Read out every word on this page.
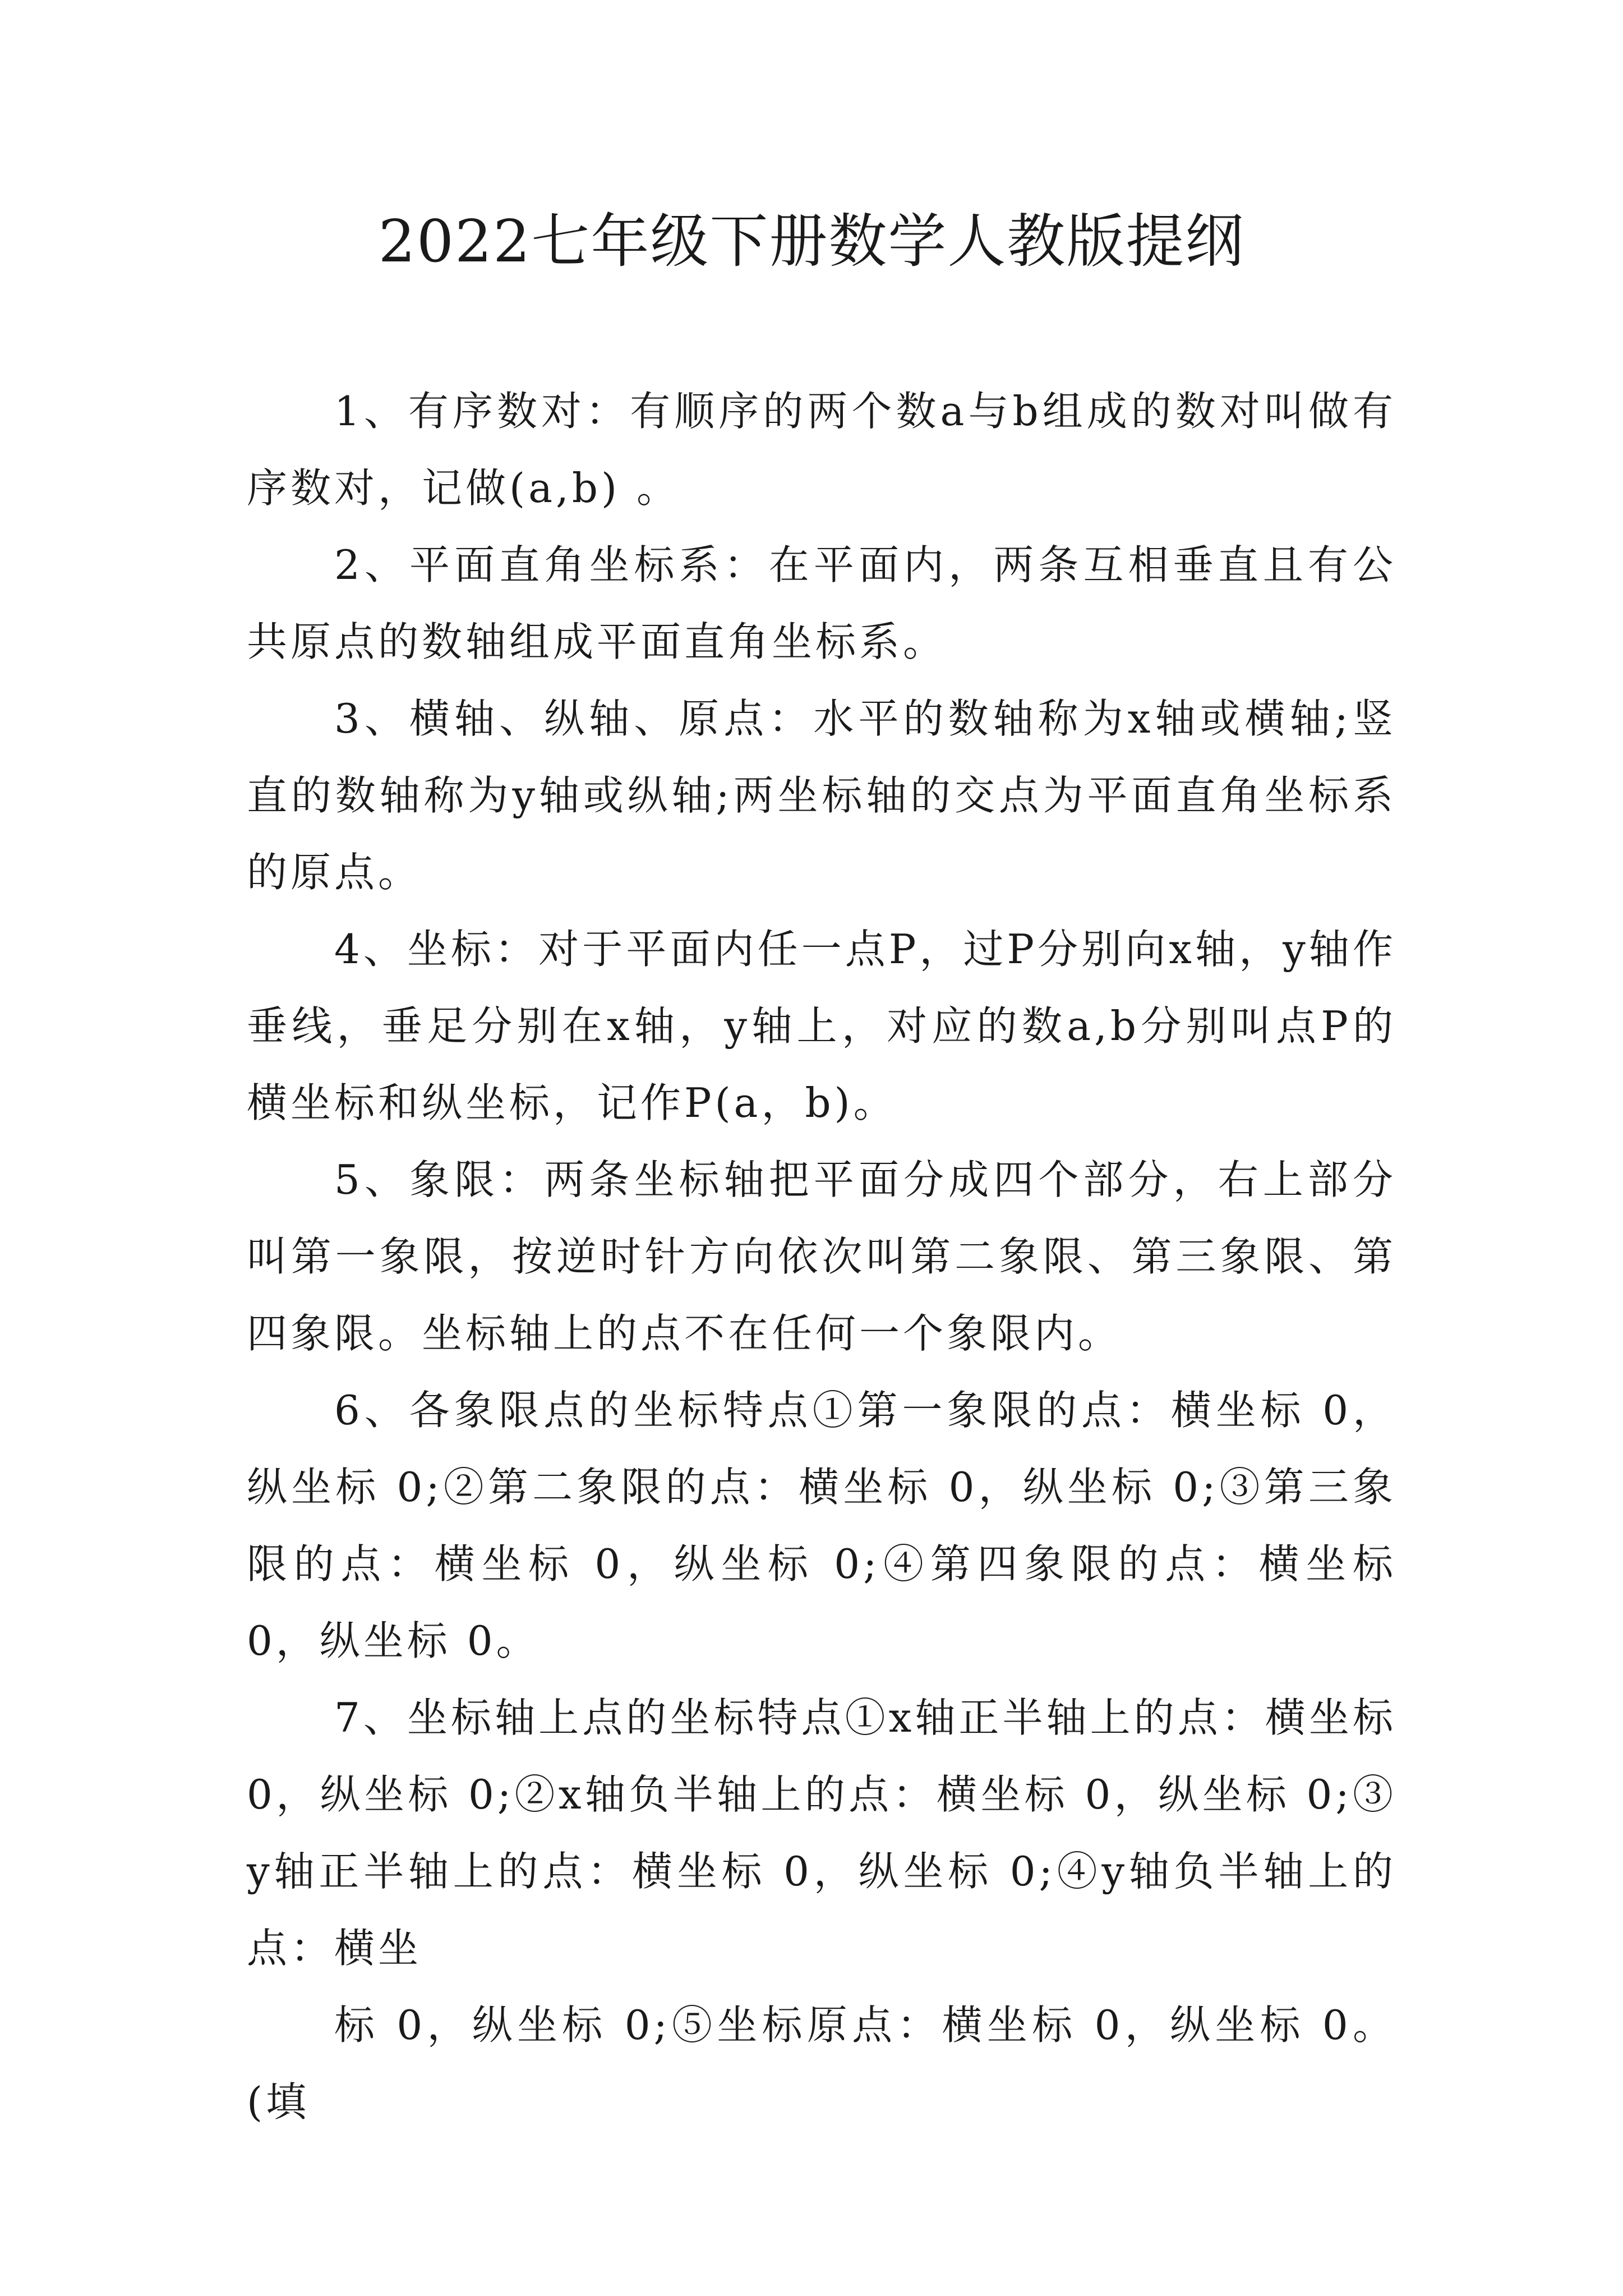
2022七年级下册数学人教版提纲

1、有序数对：有顺序的两个数a与b组成的数对叫做有序数对，记做(a,b) 。

2、平面直角坐标系：在平面内，两条互相垂直且有公共原点的数轴组成平面直角坐标系。

3、横轴、纵轴、原点：水平的数轴称为x轴或横轴;竖直的数轴称为y轴或纵轴;两坐标轴的交点为平面直角坐标系的原点。

4、坐标：对于平面内任一点P，过P分别向x轴，y轴作垂线，垂足分别在x轴，y轴上，对应的数a,b分别叫点P的横坐标和纵坐标，记作P(a，b)。

5、象限：两条坐标轴把平面分成四个部分，右上部分叫第一象限，按逆时针方向依次叫第二象限、第三象限、第四象限。坐标轴上的点不在任何一个象限内。

6、各象限点的坐标特点①第一象限的点：横坐标 0，纵坐标 0;②第二象限的点：横坐标 0，纵坐标 0;③第三象限的点：横坐标 0，纵坐标 0;④第四象限的点：横坐标 0，纵坐标 0。

7、坐标轴上点的坐标特点①x轴正半轴上的点：横坐标 0，纵坐标 0;②x轴负半轴上的点：横坐标 0，纵坐标 0;③y轴正半轴上的点：横坐标 0，纵坐标 0;④y轴负半轴上的点：横坐

标 0，纵坐标 0;⑤坐标原点：横坐标 0，纵坐标 0。(填
